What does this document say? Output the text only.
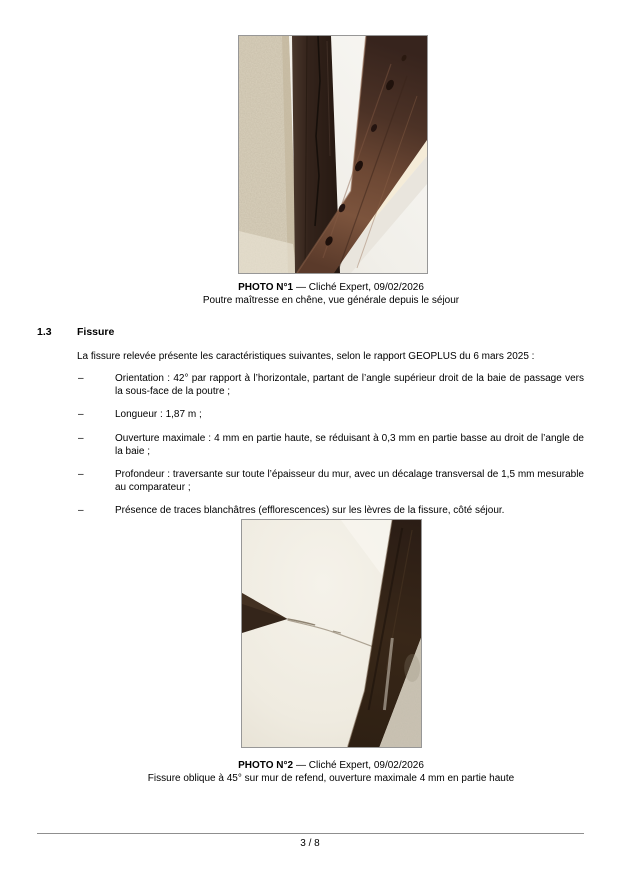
PHOTO N°1 — Cliché Expert, 09/02/2026
Poutre maîtresse en chêne, vue générale depuis le séjour
1.3 Fissure

La fissure relevée présente les caractéristiques suivantes, selon le rapport GEOPLUS du 6 mars 2025 :

–	Orientation : 42° par rapport à l’horizontale, partant de l’angle supérieur droit de la baie de passage vers la sous-face de la poutre ;
–	Longueur : 1,87 m ;
–	Ouverture maximale : 4 mm en partie haute, se réduisant à 0,3 mm en partie basse au droit de l’angle de la baie ;
–	Profondeur : traversante sur toute l’épaisseur du mur, avec un décalage transversal de 1,5 mm mesurable au comparateur ;
–	Présence de traces blanchâtres (efflorescences) sur les lèvres de la fissure, côté séjour.
PHOTO N°2 — Cliché Expert, 09/02/2026
Fissure oblique à 45° sur mur de refend, ouverture maximale 4 mm en partie haute
3 / 8
